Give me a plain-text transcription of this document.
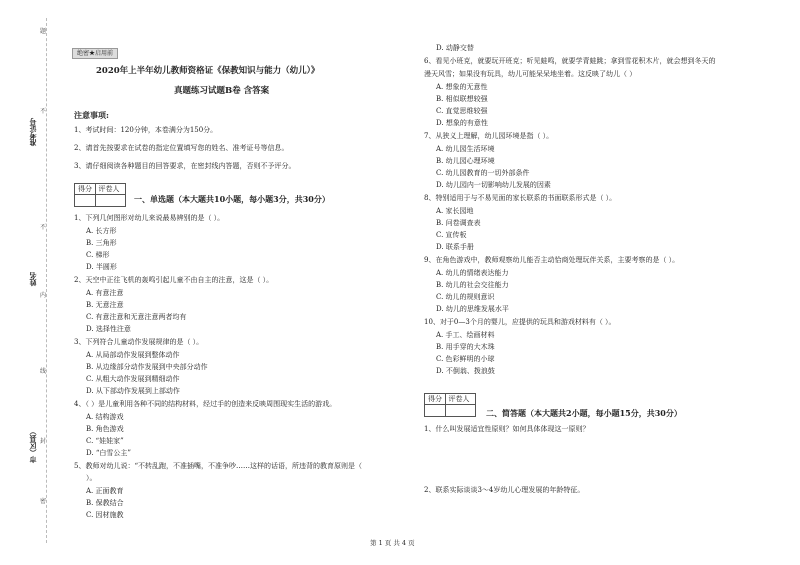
准考证号
姓名
市（区县）
题
不
不
内
线
封
密
绝密★启用前
2020年上半年幼儿教师资格证《保教知识与能力（幼儿）》
真题练习试题B卷 含答案
注意事项:
1、考试时间：120分钟，本卷满分为150分。
2、请首先按要求在试卷的指定位置填写您的姓名、准考证号等信息。
3、请仔细阅读各种题目的回答要求，在密封线内答题，否则不予评分。
得分 评卷人
一、单选题（本大题共10小题，每小题3分，共30分）
1、下列几何图形对幼儿来说最易辨别的是（ ）。
A. 长方形
B. 三角形
C. 梯形
D. 半圆形
2、天空中正往飞机的轰鸣引起儿童不由自主的注意，这是（ ）。
A. 有意注意
B. 无意注意
C. 有意注意和无意注意两者均有
D. 选择性注意
3、下列符合儿童动作发展规律的是（ ）。
A. 从局部动作发展到整体动作
B. 从边缘部分动作发展到中央部分动作
C. 从粗大动作发展到精细动作
D. 从下部动作发展到上部动作
4、（ ）是儿童利用各种不同的结构材料，经过手的创造来反映周围现实生活的游戏。
A. 结构游戏
B. 角色游戏
C. “娃娃家”
D. “白雪公主”
5、教师对幼儿说：“不转乱跑，不准插嘴，不准争吵……这样的话语，所违背的教育原则是（
）。
A. 正面教育
B. 保教结合
C. 因材施教
D. 动静交替
6、看见小班克，就要玩开班克；听见蛙鸣，就要学青蛙跳；拿到雪花积木片，就会想到冬天的
漫天风雪；如果没有玩具，幼儿可能呆呆地坐着。这反映了幼儿（ ）
A. 想象的无意性
B. 相似联想较强
C. 直觉思维较强
D. 想象的有意性
7、从狭义上理解，幼儿园环境是指（ ）。
A. 幼儿园生活环境
B. 幼儿园心理环境
C. 幼儿园教育的一切外部条件
D. 幼儿园内一切影响幼儿发展的因素
8、特别适用于与不易见面的家长联系的书面联系形式是（ ）。
A. 家长园地
B. 问卷调查表
C. 宣传板
D. 联系手册
9、在角色游戏中，教师观察幼儿能否主动恰商处理玩伴关系，主要考察的是（ ）。
A. 幼儿的情绪表达能力
B. 幼儿的社会交往能力
C. 幼儿的规则意识
D. 幼儿的思维发展水平
10、对于0—3个月的婴儿，应提供的玩具和游戏材料有（ ）。
A. 手工、绘画材料
B. 用手穿的大木珠
C. 色彩鲜明的小球
D. 不倒翁、拨浪鼓
得分 评卷人
二、简答题（本大题共2小题，每小题15分，共30分）
1、什么叫发展适宜性原则？如何具体体现这一原则？
2、联系实际谈谈3～4岁幼儿心理发展的年龄特征。
第 1 页 共 4 页
